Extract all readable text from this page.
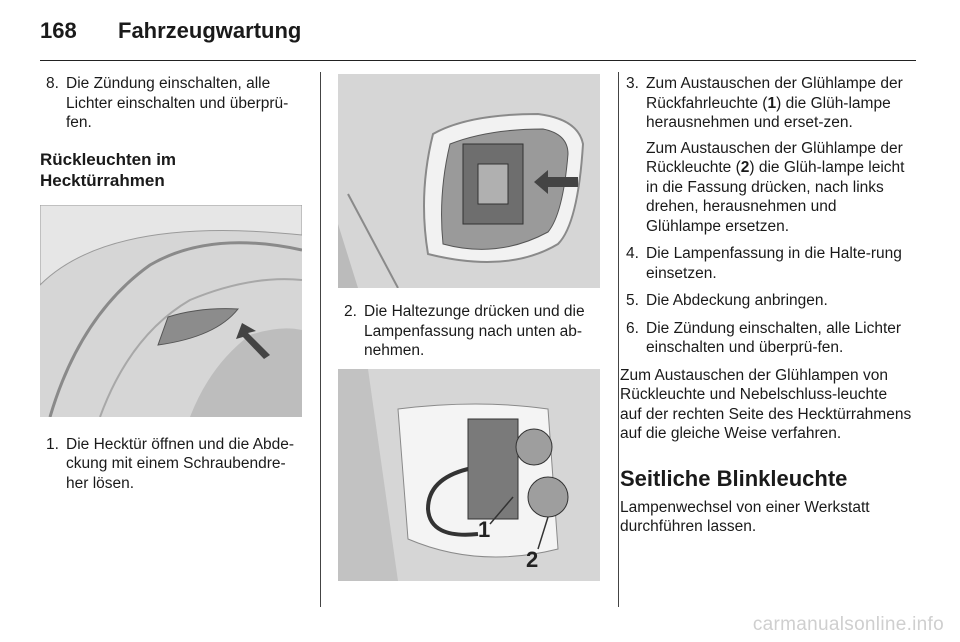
168 Fahrzeugwartung
8. Die Zündung einschalten, alle Lichter einschalten und überprü-fen.
Rückleuchten im Hecktürrahmen
1. Die Hecktür öffnen und die Abde-ckung mit einem Schraubendre-her lösen.
2. Die Haltezunge drücken und die Lampenfassung nach unten ab-nehmen.
1
2
3. Zum Austauschen der Glühlampe der Rückfahrleuchte (1) die Glüh-lampe herausnehmen und erset-zen.
Zum Austauschen der Glühlampe der Rückleuchte (2) die Glüh-lampe leicht in die Fassung drücken, nach links drehen, herausnehmen und Glühlampe ersetzen.
4. Die Lampenfassung in die Halte-rung einsetzen.
5. Die Abdeckung anbringen.
6. Die Zündung einschalten, alle Lichter einschalten und überprü-fen.

Zum Austauschen der Glühlampen von Rückleuchte und Nebelschluss-leuchte auf der rechten Seite des Hecktürrahmens auf die gleiche Weise verfahren.

Seitliche Blinkleuchte

Lampenwechsel von einer Werkstatt durchführen lassen.

carmanualsonline.info
